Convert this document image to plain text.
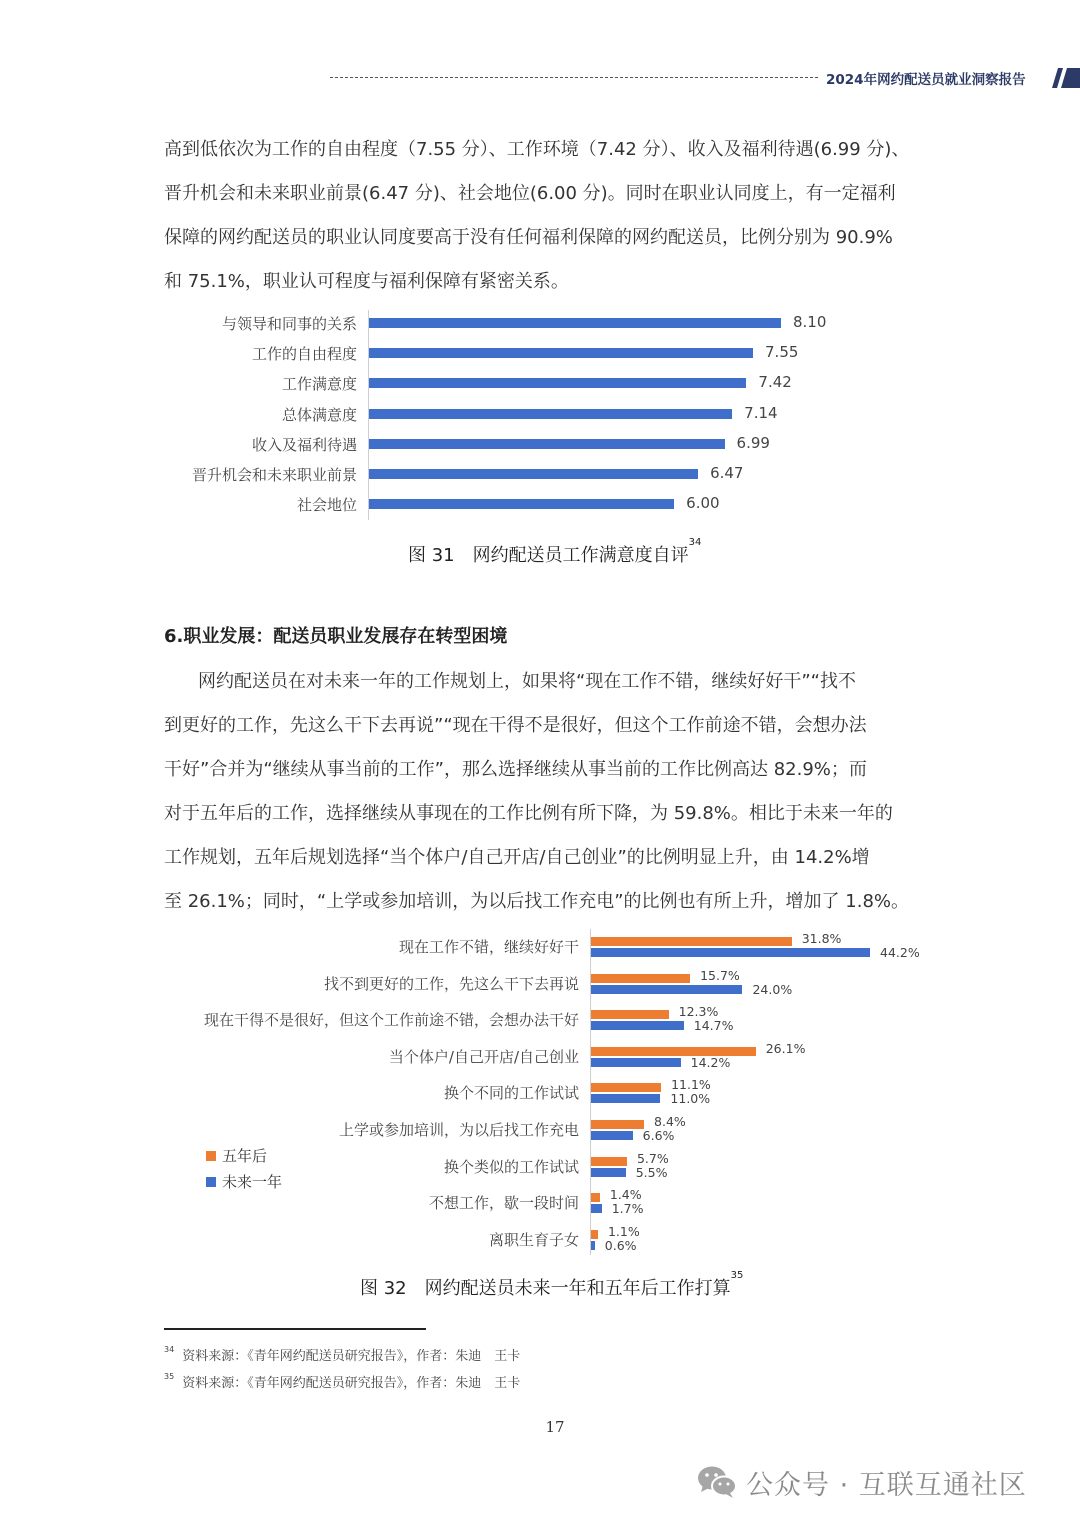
2024年网约配送员就业洞察报告

高到低依次为工作的自由程度（7.55 分）、工作环境（7.42 分）、收入及福利待遇(6.99 分)、
晋升机会和未来职业前景(6.47 分)、社会地位(6.00 分)。同时在职业认同度上，有一定福利
保障的网约配送员的职业认同度要高于没有任何福利保障的网约配送员，比例分别为 90.9%
和 75.1%，职业认可程度与福利保障有紧密关系。

与领导和同事的关系	8.10
工作的自由程度	7.55
工作满意度	7.42
总体满意度	7.14
收入及福利待遇	6.99
晋升机会和未来职业前景	6.47
社会地位	6.00
图 31　网约配送员工作满意度自评$^{34}$
6.职业发展：配送员职业发展存在转型困境

网约配送员在对未来一年的工作规划上，如果将“现在工作不错，继续好好干”“找不
到更好的工作，先这么干下去再说”“现在干得不是很好，但这个工作前途不错，会想办法
干好”合并为“继续从事当前的工作”，那么选择继续从事当前的工作比例高达 82.9%；而
对于五年后的工作，选择继续从事现在的工作比例有所下降，为 59.8%。相比于未来一年的
工作规划，五年后规划选择“当个体户/自己开店/自己创业”的比例明显上升，由 14.2%增
至 26.1%；同时，“上学或参加培训，为以后找工作充电”的比例也有所上升，增加了 1.8%。

五年后
未来一年
现在工作不错，继续好好干	31.8%
44.2%
找不到更好的工作，先这么干下去再说	15.7%
24.0%
现在干得不是很好，但这个工作前途不错，会想办法干好	12.3%
14.7%
当个体户/自己开店/自己创业	26.1%
14.2%
换个不同的工作试试	11.1%
11.0%
上学或参加培训，为以后找工作充电	8.4%
6.6%
换个类似的工作试试	5.7%
5.5%
不想工作，歇一段时间 1.4%
1.7%
离职生育子女 1.1%
0.6%
图 32　网约配送员未来一年和五年后工作打算$^{35}$
$^{34}$ 资料来源：《青年网约配送员研究报告》，作者：朱迪　王卡
$^{35}$ 资料来源：《青年网约配送员研究报告》，作者：朱迪　王卡
17
公众号 · 互联互通社区
